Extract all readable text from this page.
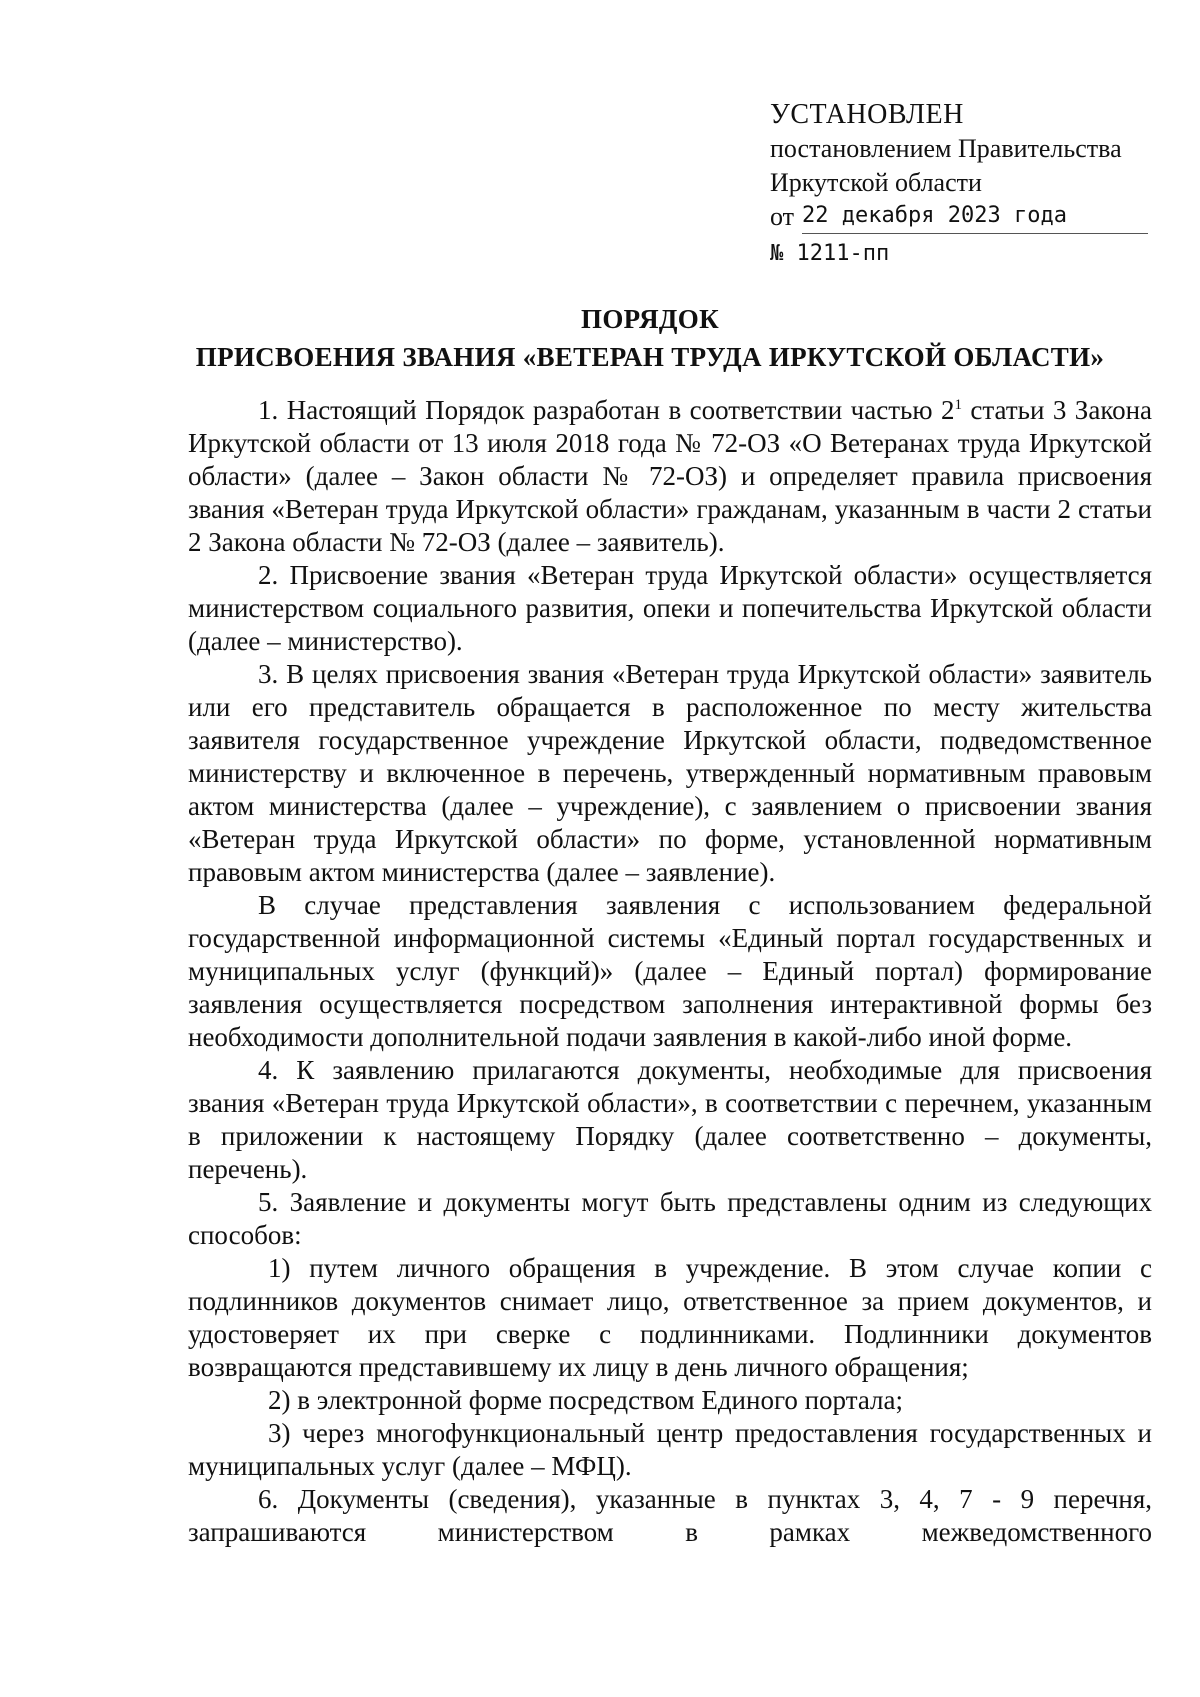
УСТАНОВЛЕН
постановлением Правительства
Иркутской области
от 22 декабря 2023 года
№ 1211-пп
ПОРЯДОК
ПРИСВОЕНИЯ ЗВАНИЯ «ВЕТЕРАН ТРУДА ИРКУТСКОЙ ОБЛАСТИ»

1. Настоящий Порядок разработан в соответствии частью $2^1$ статьи 3 Закона Иркутской области от 13 июля 2018 года № 72-ОЗ «О Ветеранах труда Иркутской области» (далее – Закон области № 72-ОЗ) и определяет правила присвоения звания «Ветеран труда Иркутской области» гражданам, указанным в части 2 статьи 2 Закона области № 72-ОЗ (далее – заявитель).

2. Присвоение звания «Ветеран труда Иркутской области» осуществляется министерством социального развития, опеки и попечительства Иркутской области (далее – министерство).

3. В целях присвоения звания «Ветеран труда Иркутской области» заявитель или его представитель обращается в расположенное по месту жительства заявителя государственное учреждение Иркутской области, подведомственное министерству и включенное в перечень, утвержденный нормативным правовым актом министерства (далее – учреждение), с заявлением о присвоении звания «Ветеран труда Иркутской области» по форме, установленной нормативным правовым актом министерства (далее – заявление).

В случае представления заявления с использованием федеральной государственной информационной системы «Единый портал государственных и муниципальных услуг (функций)» (далее – Единый портал) формирование заявления осуществляется посредством заполнения интерактивной формы без необходимости дополнительной подачи заявления в какой-либо иной форме.

4. К заявлению прилагаются документы, необходимые для присвоения звания «Ветеран труда Иркутской области», в соответствии с перечнем, указанным в приложении к настоящему Порядку (далее соответственно – документы, перечень).

5. Заявление и документы могут быть представлены одним из следующих способов:

1) путем личного обращения в учреждение. В этом случае копии с подлинников документов снимает лицо, ответственное за прием документов, и удостоверяет их при сверке с подлинниками. Подлинники документов возвращаются представившему их лицу в день личного обращения;

2) в электронной форме посредством Единого портала;

3) через многофункциональный центр предоставления государственных и муниципальных услуг (далее – МФЦ).

6. Документы (сведения), указанные в пунктах 3, 4, 7 - 9 перечня, запрашиваются министерством в рамках межведомственного
